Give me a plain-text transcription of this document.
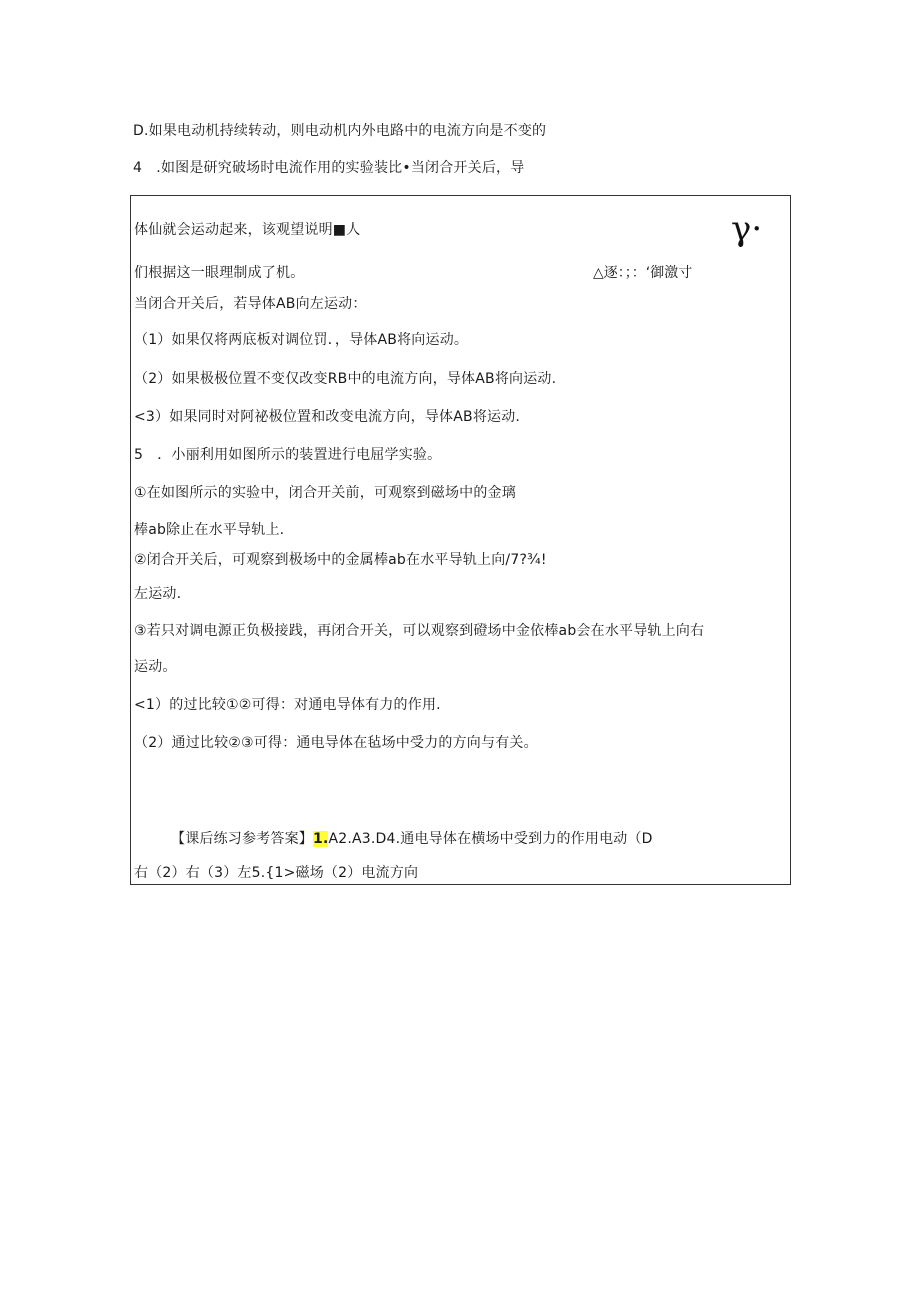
D.如果电动机持续转动，则电动机内外电路中的电流方向是不变的
4　.如图是研究破场时电流作用的实验装比•当闭合开关后，导
体仙就会运动起来，该观望说明■人	γ·
们根据这一眼理制成了机。	△逐：；：‘御激寸
当闭合开关后，若导体AB向左运动：
（1）如果仅将两底板对调位罚．，导体AB将向运动。
（2）如果极极位置不变仅改变RB中的电流方向，导体AB将向运动.
<3）如果同时对阿祕极位置和改变电流方向，导体AB将运动.
5　．小丽利用如图所示的装置进行电屈学实验。
①在如图所示的实验中，闭合开关前，可观察到磁场中的金璃
棒ab除止在水平导轨上.
②闭合开关后，可观察到极场中的金属棒ab在水平导轨上向/7?¾!
左运动.
③若只对调电源正负极接践，再闭合开关，可以观察到磴场中金依棒ab会在水平导轨上向右
运动。
<1）的过比较①②可得：对通电导体有力的作用.
（2）通过比较②③可得：通电导体在毡场中受力的方向与有关。
【课后练习参考答案】1.A2.A3.D4.通电导体在横场中受到力的作用电动（D
右（2）右（3）左5.{1>磁场（2）电流方向
